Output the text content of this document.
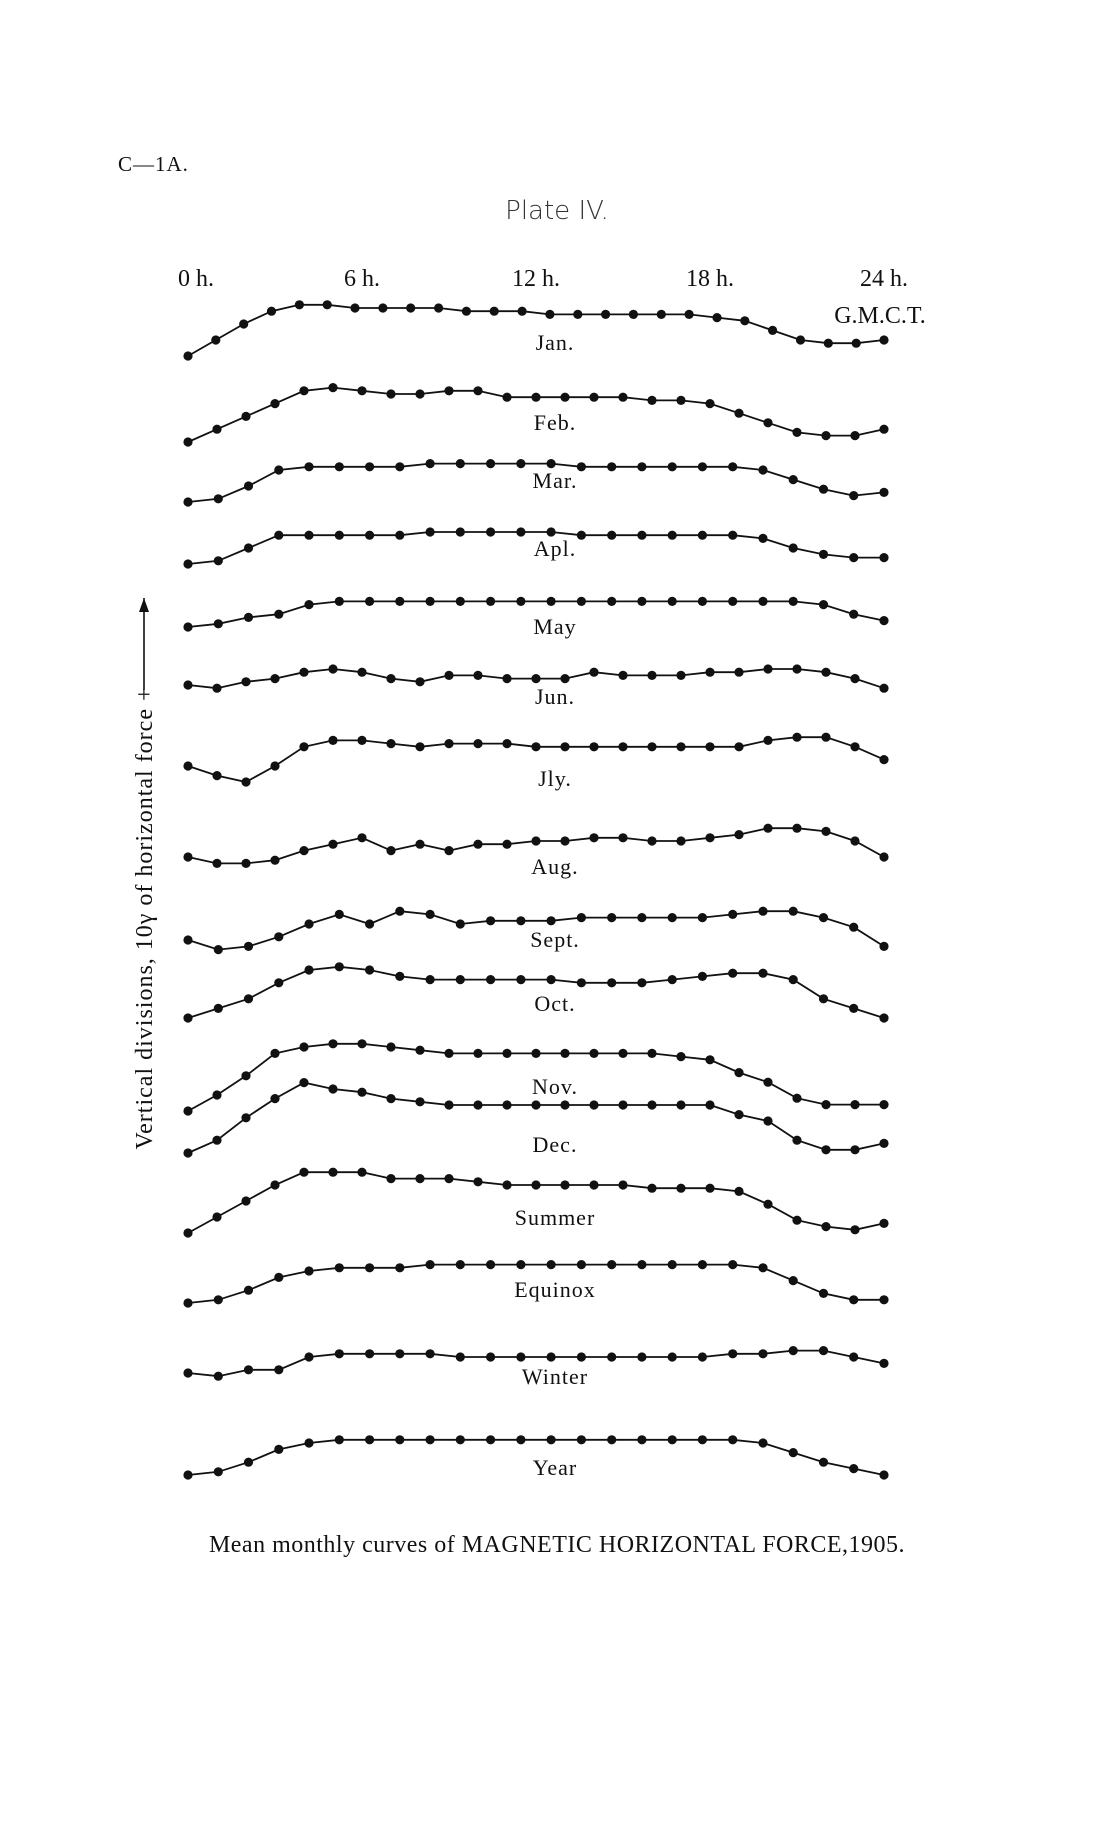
C—1A.
Plate IV.
0 h.	6 h.	12 h.	18 h.	24 h.
G.M.C.T.
Vertical divisions, 10γ of horizontal force +
Jan.
Feb.
Mar.
Apl.
May
Jun.
Jly.
Aug.
Sept.
Oct.
Nov.
Dec.
Summer
Equinox
Winter
Year
Mean monthly curves of MAGNETIC HORIZONTAL FORCE,1905.
